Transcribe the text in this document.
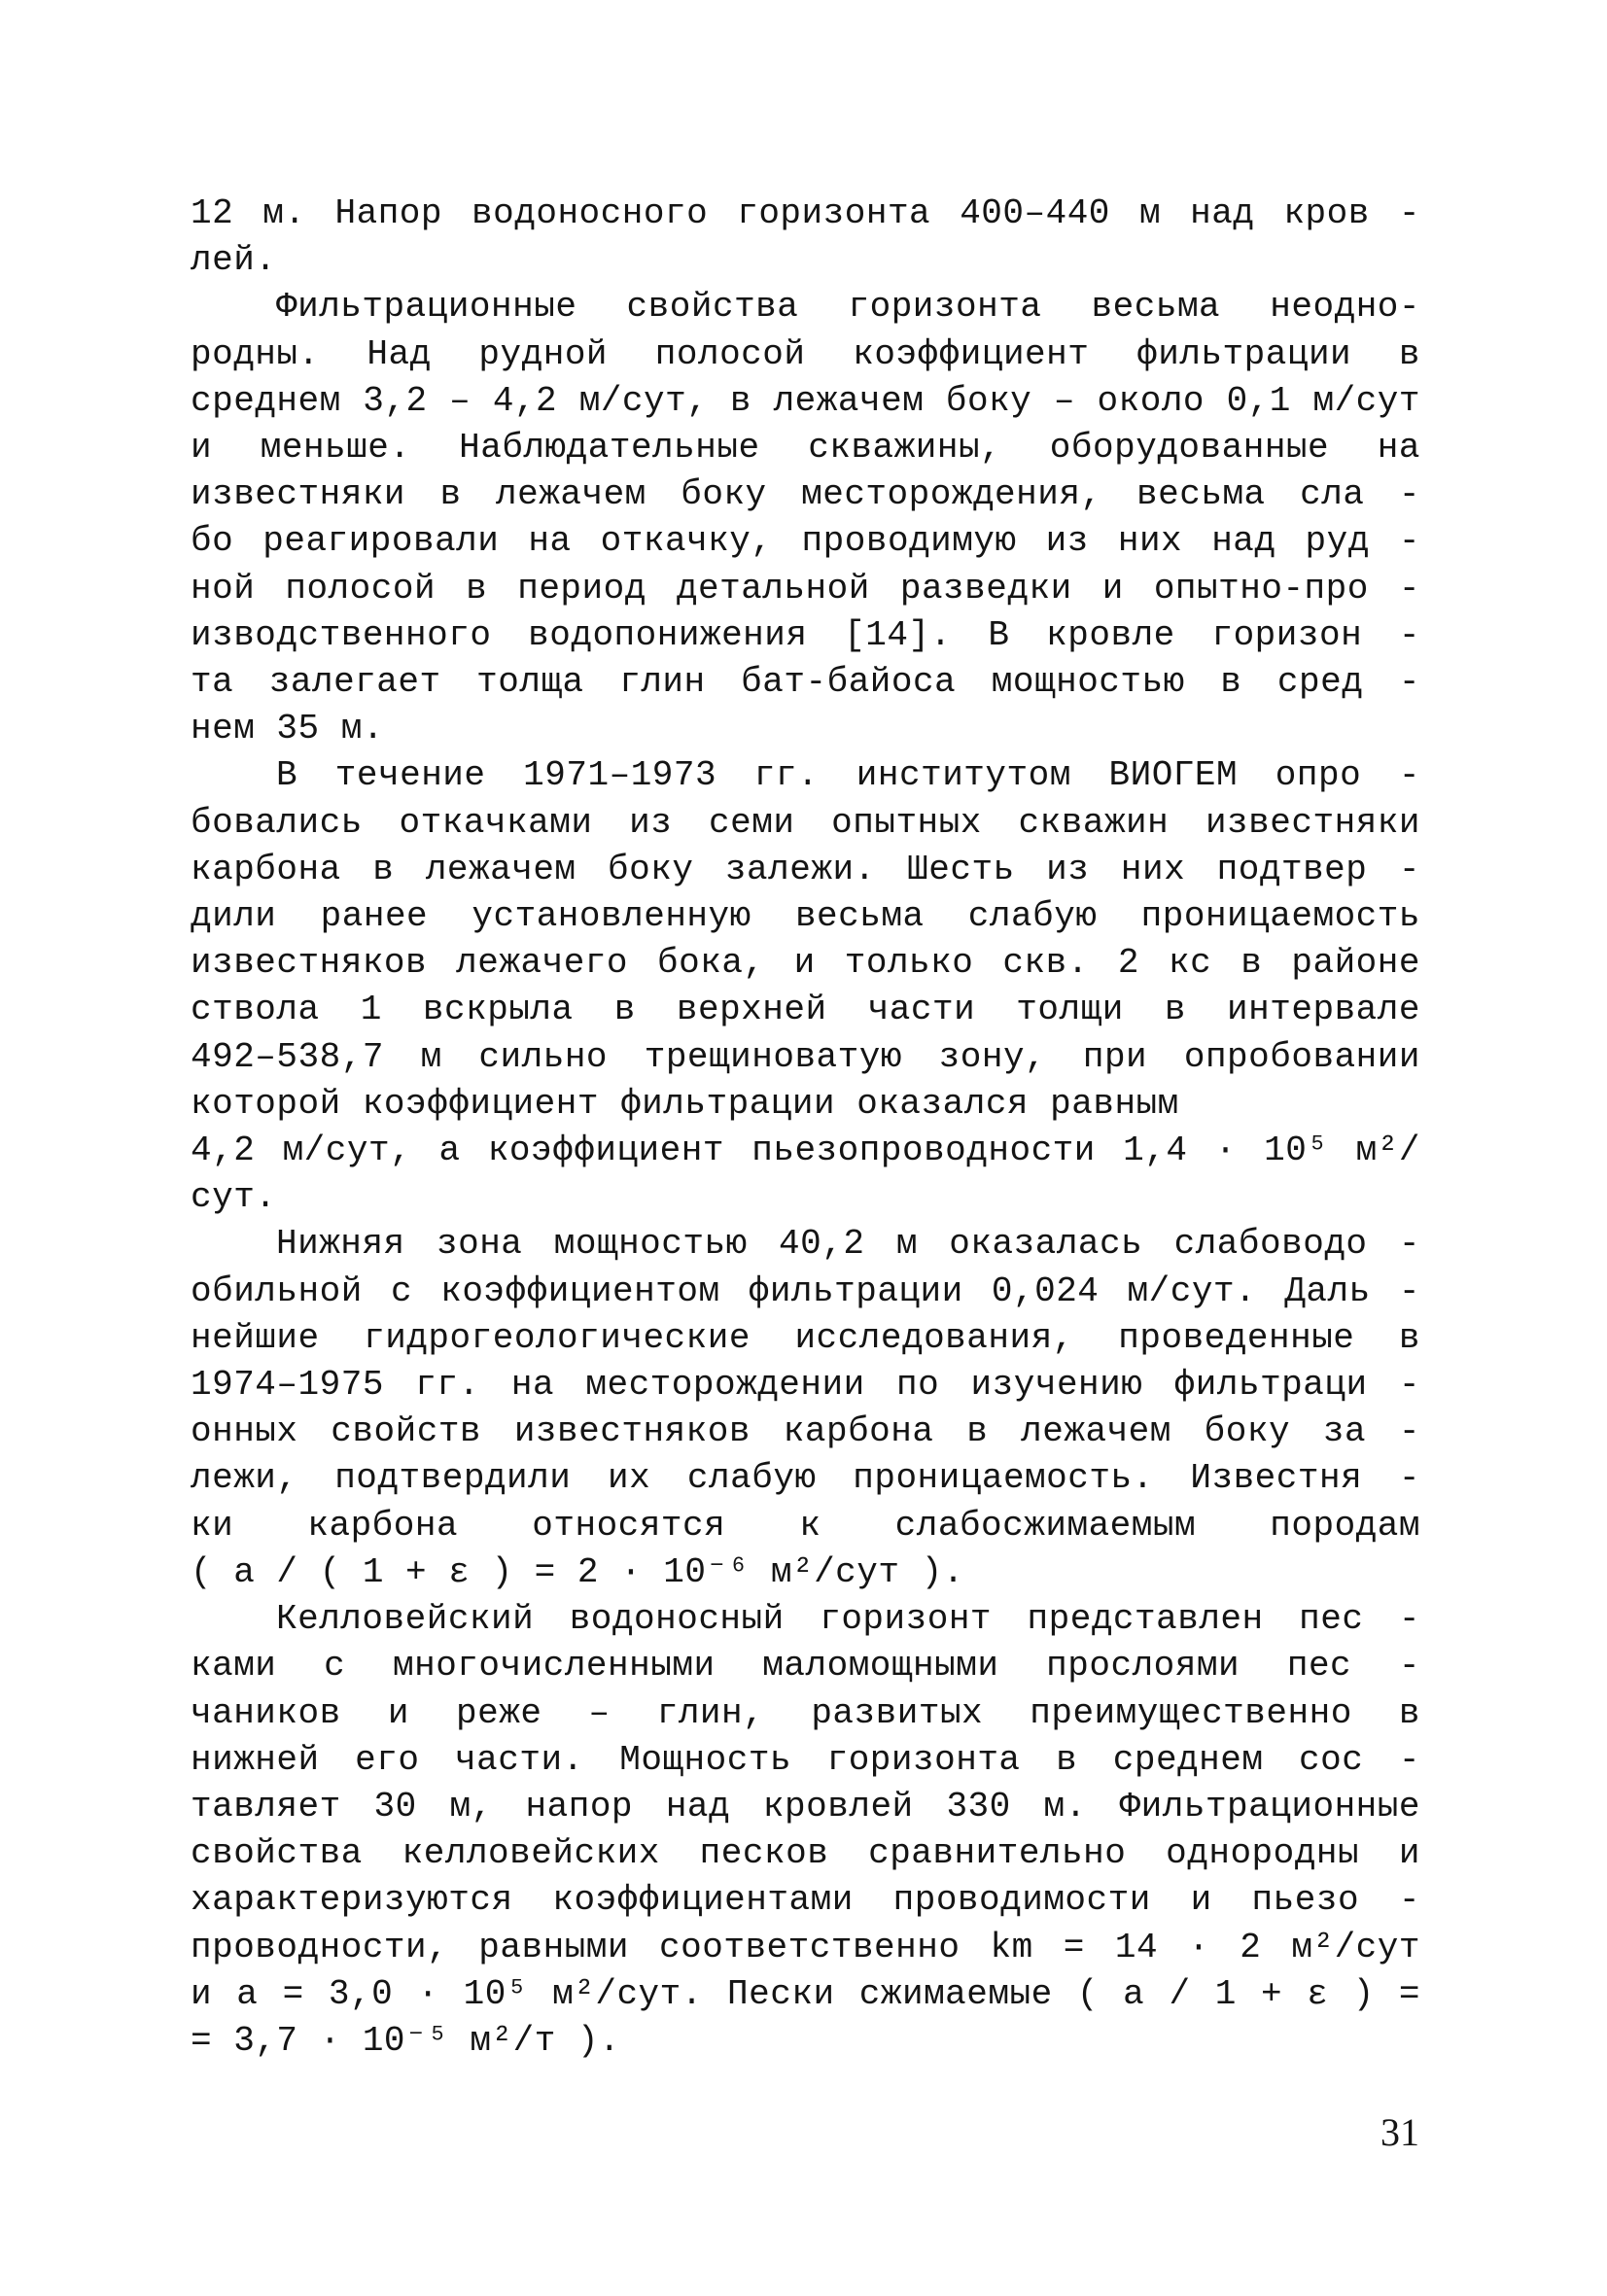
12 м. Напор водоносного горизонта 400–440 м над кров -

лей.

Фильтрационные свойства горизонта весьма неоднo-

родны. Над рудной полосой коэффициент фильтрации в

среднем 3,2 – 4,2 м/сут, в лежачем боку – около 0,1 м/сут

и меньше. Наблюдательные скважины, оборудованные на

известняки в лежачем боку месторождения, весьма сла -

бо реагировали на откачку, проводимую из них над руд -

ной полосой в период детальной разведки и опытно-про -

изводственного водопонижения [14]. В кровле горизон -

та залегает толща глин бат-байоса мощностью в сред -

нем 35 м.

В течение 1971–1973 гг. институтом ВИОГЕМ опро -

бовались откачками из семи опытных скважин известняки

карбона в лежачем боку залежи. Шесть из них подтвер -

дили ранее установленную весьма слабую проницаемость

известняков лежачего бока, и только скв. 2 кс в районе

ствола 1 вскрыла в верхней части толщи в интервале

492–538,7 м сильно трещиноватую зону, при опробовании

которой коэффициент фильтрации оказался равным

4,2 м/сут, а коэффициент пьезопроводности 1,4 · 10⁵ м²/сут.

Нижняя зона мощностью 40,2 м оказалась слабоводо -

обильной с коэффициентом фильтрации 0,024 м/сут. Даль -

нейшие гидрогеологические исследования, проведенные в

1974–1975 гг. на месторождении по изучению фильтраци -

онных свойств известняков карбона в лежачем боку за -

лежи, подтвердили их слабую проницаемость. Известня -

ки карбона относятся к слабосжимаемым породам

( a / ( 1 + ε ) = 2 · 10⁻⁶ м²/сут ).

Келловейский водоносный горизонт представлен пес -

ками с многочисленными маломощными прослоями пес -

чаников и реже – глин, развитых преимущественно в

нижней его части. Мощность горизонта в среднем сос -

тавляет 30 м, напор над кровлей 330 м. Фильтрационные

свойства келловейских песков сравнительно однородны и

характеризуются коэффициентами проводимости и пьезо -

проводности, равными соответственно km = 14 · 2 м²/сут

и a = 3,0 · 10⁵ м²/сут. Пески сжимаемые ( a / 1 + ε ) =

= 3,7 · 10⁻⁵ м²/т ).

31
